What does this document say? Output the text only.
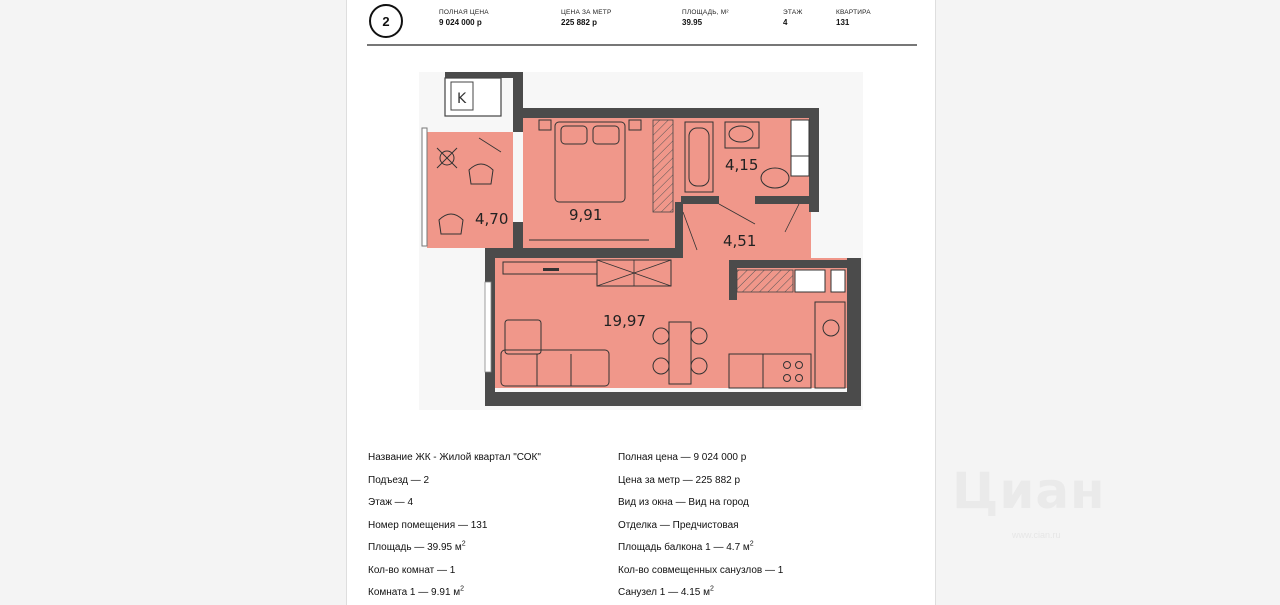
2
ПОЛНАЯ ЦЕНА
9 024 000 р
ЦЕНА ЗА МЕТР
225 882 р
ПЛОЩАДЬ, М²
39.95
ЭТАЖ
4
КВАРТИРА
131
K
4,70	9,91
4,15
4,51
19,97
Название ЖК - Жилой квартал "СОК"
Подъезд — 2
Этаж — 4
Номер помещения — 131
Площадь — 39.95 $м^2$
Кол-во комнат — 1
Комната 1 — 9.91 $м^2$
Полная цена — 9 024 000 р
Цена за метр — 225 882 р
Вид из окна — Вид на город
Отделка — Предчистовая
Площадь балкона 1 — 4.7 $м^2$
Кол-во совмещенных санузлов — 1
Санузел 1 — 4.15 $м^2$
Циан
www.cian.ru
